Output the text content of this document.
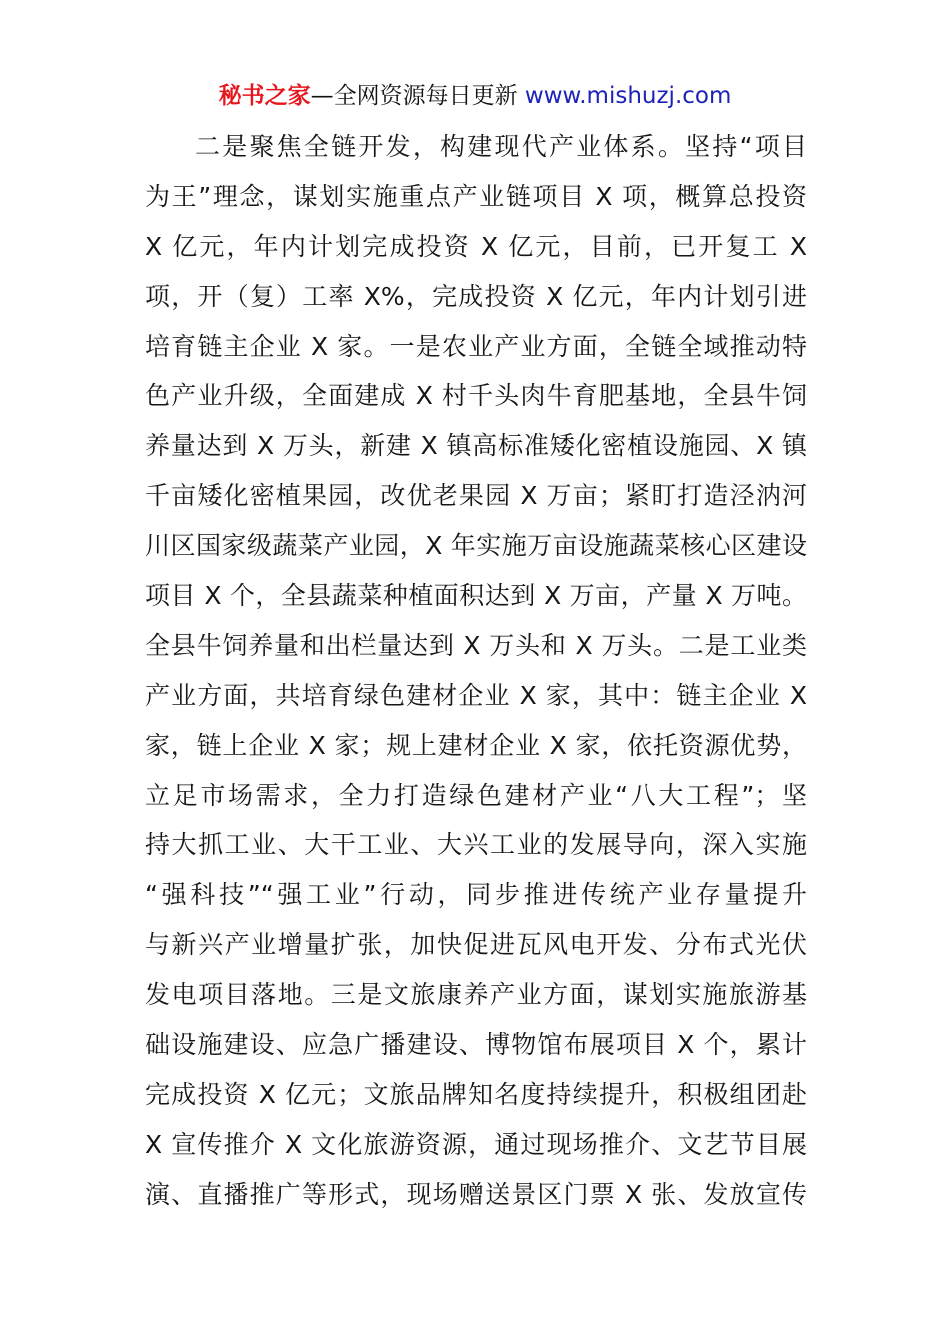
秘书之家—全网资源每日更新 www.mishuzj.com
二是聚焦全链开发，构建现代产业体系。坚持“项目
为王”理念，谋划实施重点产业链项目 X 项，概算总投资
X 亿元，年内计划完成投资 X 亿元，目前，已开复工 X
项，开（复）工率 X%，完成投资 X 亿元，年内计划引进
培育链主企业 X 家。一是农业产业方面，全链全域推动特
色产业升级，全面建成 X 村千头肉牛育肥基地，全县牛饲
养量达到 X 万头，新建 X 镇高标准矮化密植设施园、X 镇
千亩矮化密植果园，改优老果园 X 万亩；紧盯打造泾汭河
川区国家级蔬菜产业园，X 年实施万亩设施蔬菜核心区建设
项目 X 个，全县蔬菜种植面积达到 X 万亩，产量 X 万吨。
全县牛饲养量和出栏量达到 X 万头和 X 万头。二是工业类
产业方面，共培育绿色建材企业 X 家，其中：链主企业 X
家，链上企业 X 家；规上建材企业 X 家，依托资源优势，
立足市场需求，全力打造绿色建材产业“八大工程”；坚
持大抓工业、大干工业、大兴工业的发展导向，深入实施
“强科技”“强工业”行动，同步推进传统产业存量提升
与新兴产业增量扩张，加快促进瓦风电开发、分布式光伏
发电项目落地。三是文旅康养产业方面，谋划实施旅游基
础设施建设、应急广播建设、博物馆布展项目 X 个，累计
完成投资 X 亿元；文旅品牌知名度持续提升，积极组团赴
X 宣传推介 X 文化旅游资源，通过现场推介、文艺节目展
演、直播推广等形式，现场赠送景区门票 X 张、发放宣传
